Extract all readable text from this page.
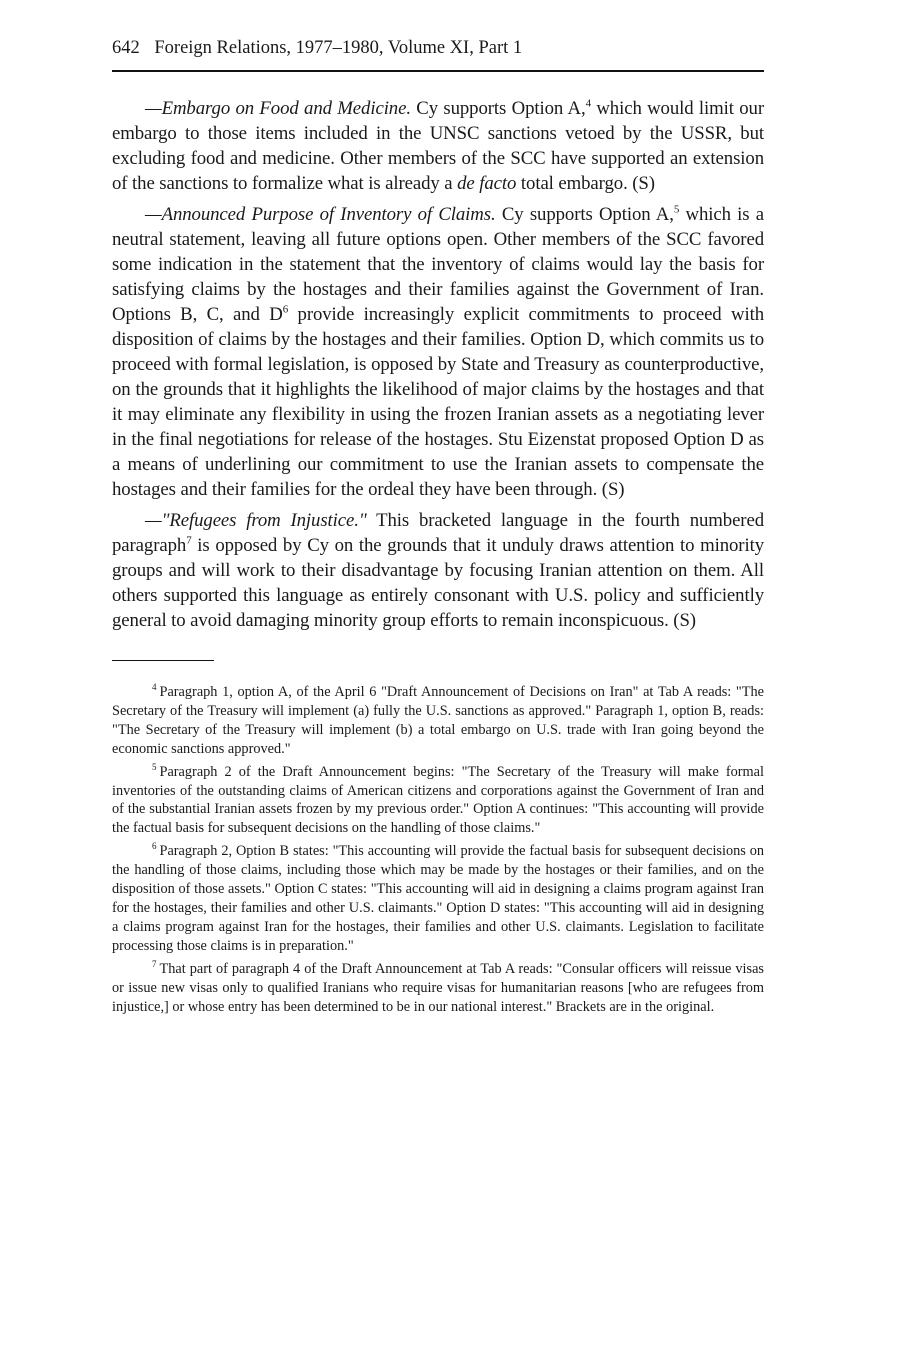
642 Foreign Relations, 1977–1980, Volume XI, Part 1

—Embargo on Food and Medicine. Cy supports Option A,$^4$ which would limit our embargo to those items included in the UNSC sanctions vetoed by the USSR, but excluding food and medicine. Other members of the SCC have supported an extension of the sanctions to formalize what is already a de facto total embargo. (S)

—Announced Purpose of Inventory of Claims. Cy supports Option A,$^5$ which is a neutral statement, leaving all future options open. Other members of the SCC favored some indication in the statement that the inventory of claims would lay the basis for satisfying claims by the hostages and their families against the Government of Iran. Options B, C, and $D^6$ provide increasingly explicit commitments to proceed with disposition of claims by the hostages and their families. Option D, which commits us to proceed with formal legislation, is opposed by State and Treasury as counterproductive, on the grounds that it highlights the likelihood of major claims by the hostages and that it may eliminate any flexibility in using the frozen Iranian assets as a negotiating lever in the final negotiations for release of the hostages. Stu Eizenstat proposed Option D as a means of underlining our commitment to use the Iranian assets to compensate the hostages and their families for the ordeal they have been through. (S)

—"Refugees from Injustice." This bracketed language in the fourth numbered paragraph$^7$ is opposed by Cy on the grounds that it unduly draws attention to minority groups and will work to their disadvantage by focusing Iranian attention on them. All others supported this language as entirely consonant with U.S. policy and sufficiently general to avoid damaging minority group efforts to remain inconspicuous. (S)

$^4$ Paragraph 1, option A, of the April 6 "Draft Announcement of Decisions on Iran" at Tab A reads: "The Secretary of the Treasury will implement (a) fully the U.S. sanctions as approved." Paragraph 1, option B, reads: "The Secretary of the Treasury will implement (b) a total embargo on U.S. trade with Iran going beyond the economic sanctions approved."

$^5$ Paragraph 2 of the Draft Announcement begins: "The Secretary of the Treasury will make formal inventories of the outstanding claims of American citizens and corporations against the Government of Iran and of the substantial Iranian assets frozen by my previous order." Option A continues: "This accounting will provide the factual basis for subsequent decisions on the handling of those claims."

$^6$ Paragraph 2, Option B states: "This accounting will provide the factual basis for subsequent decisions on the handling of those claims, including those which may be made by the hostages or their families, and on the disposition of those assets." Option C states: "This accounting will aid in designing a claims program against Iran for the hostages, their families and other U.S. claimants." Option D states: "This accounting will aid in designing a claims program against Iran for the hostages, their families and other U.S. claimants. Legislation to facilitate processing those claims is in preparation."

$^7$ That part of paragraph 4 of the Draft Announcement at Tab A reads: "Consular officers will reissue visas or issue new visas only to qualified Iranians who require visas for humanitarian reasons [who are refugees from injustice,] or whose entry has been determined to be in our national interest." Brackets are in the original.
